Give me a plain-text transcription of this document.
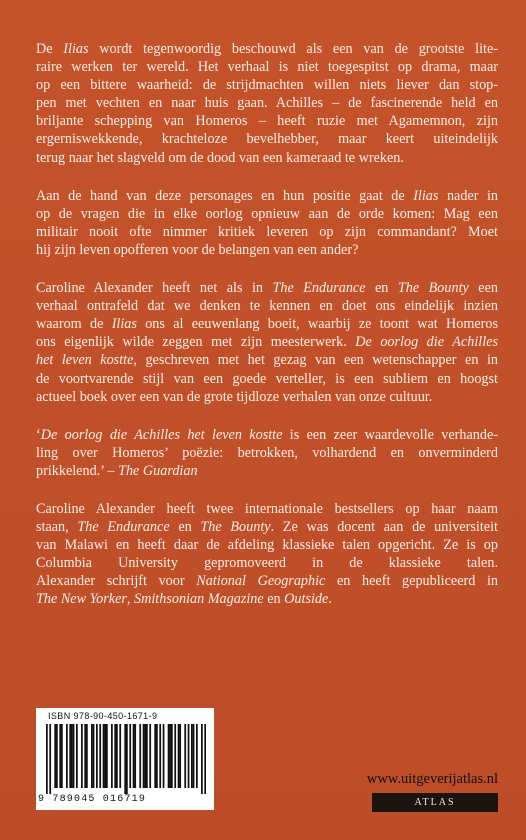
De Ilias wordt tegenwoordig beschouwd als een van de grootste lite-
raire werken ter wereld. Het verhaal is niet toegespitst op drama, maar
op een bittere waarheid: de strijdmachten willen niets liever dan stop-
pen met vechten en naar huis gaan. Achilles – de fascinerende held en
briljante schepping van Homeros – heeft ruzie met Agamemnon, zijn
ergerniswekkende, krachteloze bevelhebber, maar keert uiteindelijk
terug naar het slagveld om de dood van een kameraad te wreken.

Aan de hand van deze personages en hun positie gaat de Ilias nader in
op de vragen die in elke oorlog opnieuw aan de orde komen: Mag een
militair nooit ofte nimmer kritiek leveren op zijn commandant? Moet
hij zijn leven opofferen voor de belangen van een ander?

Caroline Alexander heeft net als in The Endurance en The Bounty een
verhaal ontrafeld dat we denken te kennen en doet ons eindelijk inzien
waarom de Ilias ons al eeuwenlang boeit, waarbij ze toont wat Homeros
ons eigenlijk wilde zeggen met zijn meesterwerk. De oorlog die Achilles
het leven kostte, geschreven met het gezag van een wetenschapper en in
de voortvarende stijl van een goede verteller, is een subliem en hoogst
actueel boek over een van de grote tijdloze verhalen van onze cultuur.

‘De oorlog die Achilles het leven kostte is een zeer waardevolle verhande-
ling over Homeros’ poëzie: betrokken, volhardend en onverminderd
prikkelend.’ – The Guardian

Caroline Alexander heeft twee internationale bestsellers op haar naam
staan, The Endurance en The Bounty. Ze was docent aan de universiteit
van Malawi en heeft daar de afdeling klassieke talen opgericht. Ze is op
Columbia University gepromoveerd in de klassieke talen.
Alexander schrijft voor National Geographic en heeft gepubliceerd in
The New Yorker, Smithsonian Magazine en Outside.

ISBN 978-90-450-1671-9
9 789045 016719
www.uitgeverijatlas.nl
ATLAS
